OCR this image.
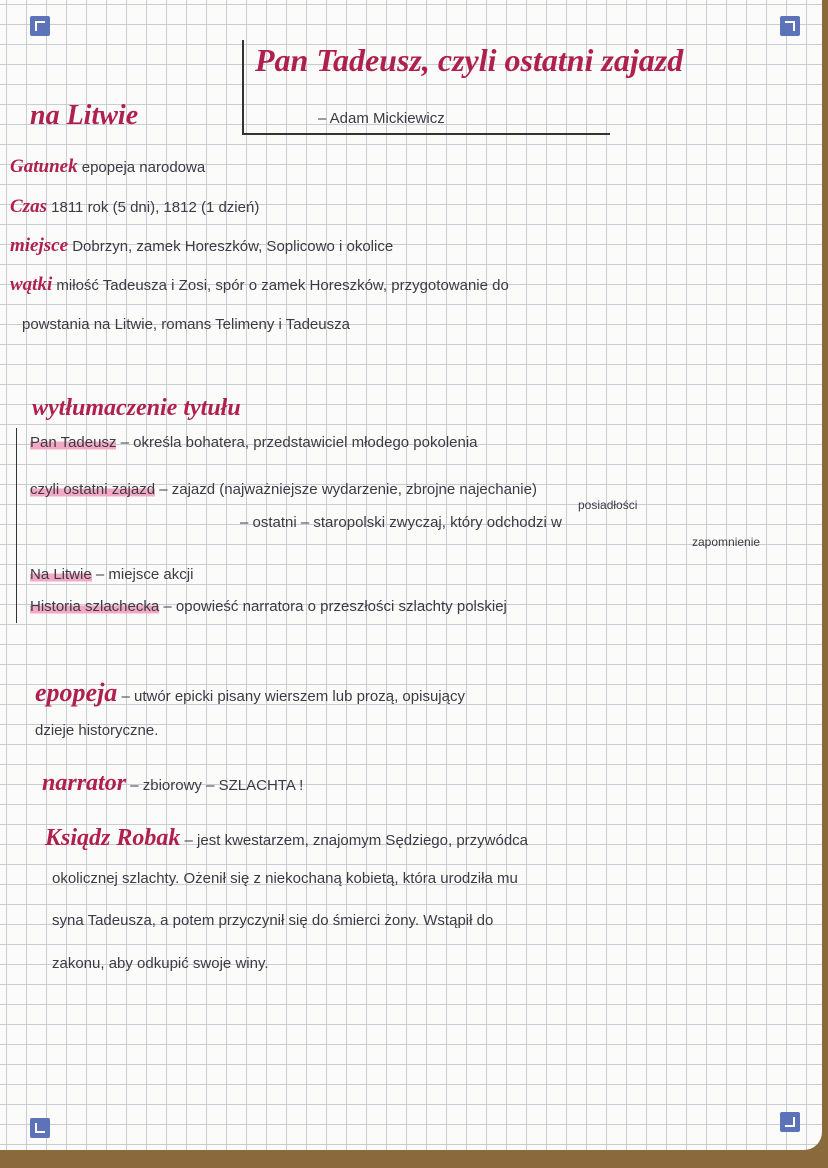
Pan Tadeusz, czyli ostatni zajazd
na Litwie	– Adam Mickiewicz
Gatunek epopeja narodowa
Czas 1811 rok (5 dni), 1812 (1 dzień)
miejsce Dobrzyn, zamek Horeszków, Soplicowo i okolice
wątki miłość Tadeusza i Zosi, spór o zamek Horeszków, przygotowanie do
powstania na Litwie, romans Telimeny i Tadeusza
wytłumaczenie tytułu
Pan Tadeusz – określa bohatera, przedstawiciel młodego pokolenia
czyli ostatni zajazd – zajazd (najważniejsze wydarzenie, zbrojne najechanie)
posiadłości
– ostatni – staropolski zwyczaj, który odchodzi w
zapomnienie
Na Litwie – miejsce akcji
Historia szlachecka – opowieść narratora o przeszłości szlachty polskiej
epopeja – utwór epicki pisany wierszem lub prozą, opisujący
dzieje historyczne.
narrator – zbiorowy – SZLACHTA !
Ksiądz Robak – jest kwestarzem, znajomym Sędziego, przywódca
okolicznej szlachty. Ożenił się z niekochaną kobietą, która urodziła mu
syna Tadeusza, a potem przyczynił się do śmierci żony. Wstąpił do
zakonu, aby odkupić swoje winy.
